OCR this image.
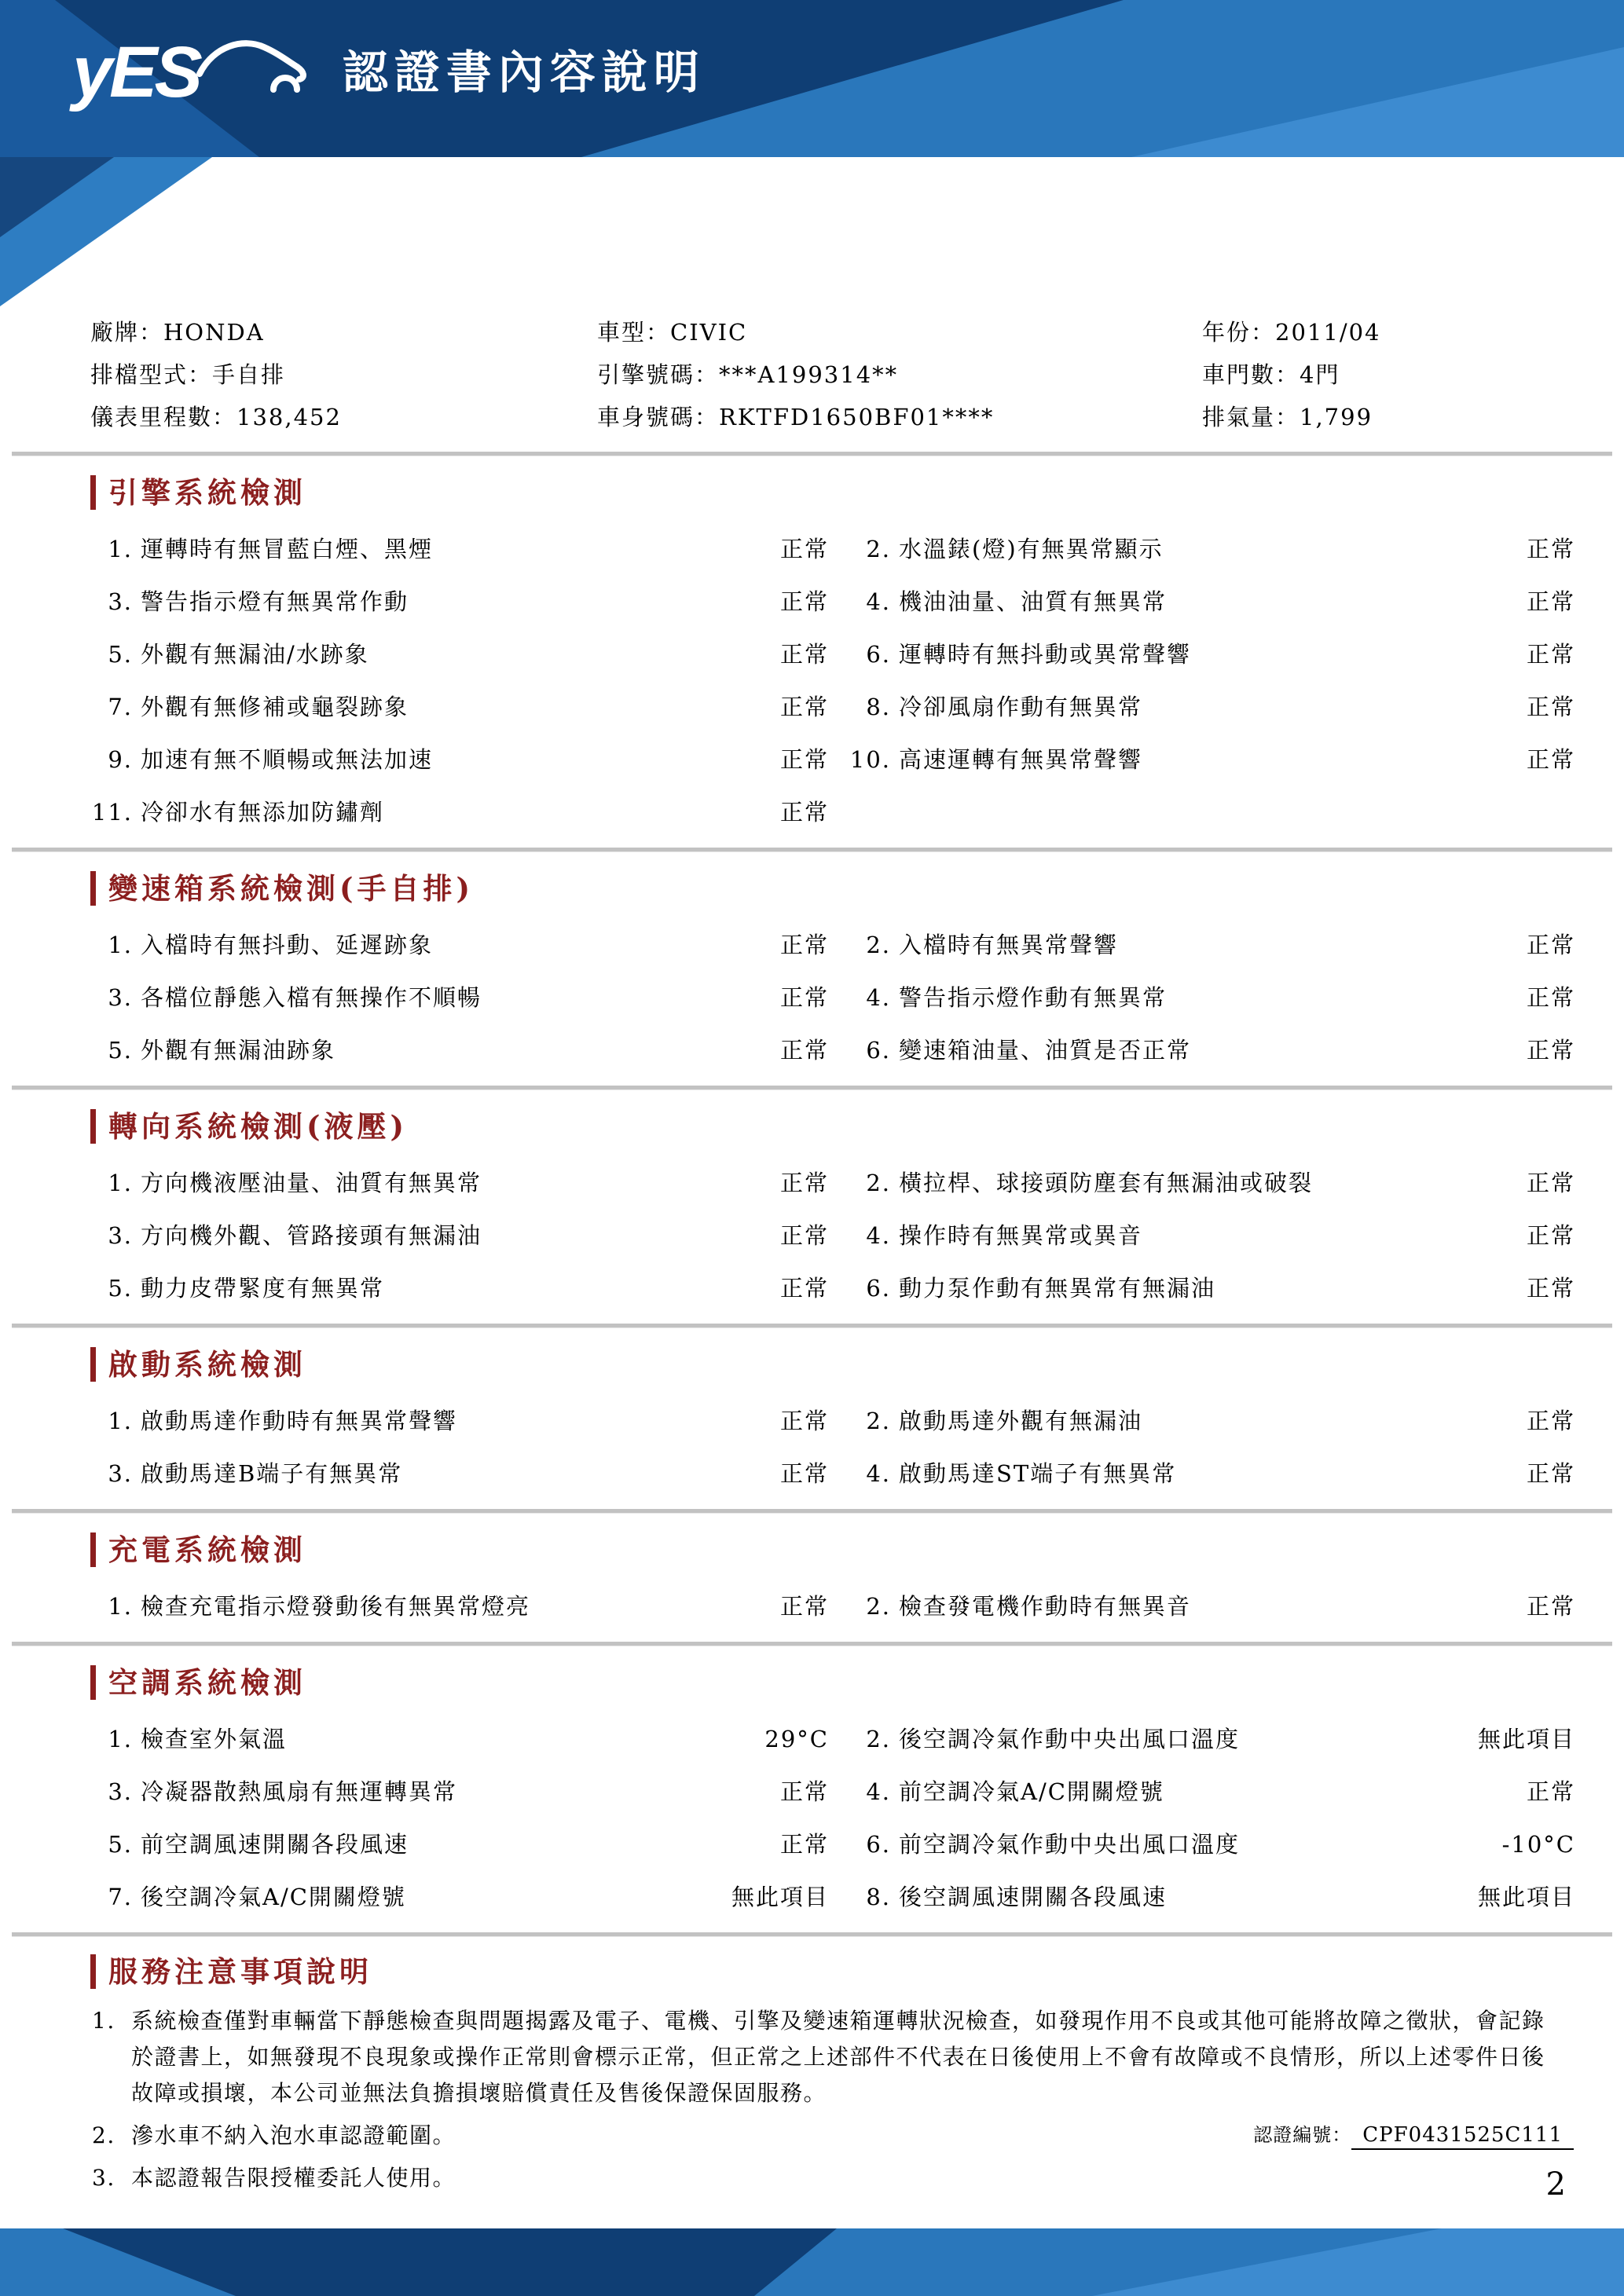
yES	認證書內容說明
廠牌：HONDA	車型：CIVIC	年份：2011/04
排檔型式：手自排	引擎號碼：***A199314**	車門數：4門
儀表里程數：138,452	車身號碼：RKTFD1650BF01****	排氣量：1,799
引擎系統檢測
1. 運轉時有無冒藍白煙、黑煙	正常	2. 水溫錶(燈)有無異常顯示	正常
3. 警告指示燈有無異常作動	正常	4. 機油油量、油質有無異常	正常
5. 外觀有無漏油/水跡象	正常	6. 運轉時有無抖動或異常聲響	正常
7. 外觀有無修補或龜裂跡象	正常	8. 冷卻風扇作動有無異常	正常
9. 加速有無不順暢或無法加速	正常 10. 高速運轉有無異常聲響	正常
11. 冷卻水有無添加防鏽劑	正常
變速箱系統檢測(手自排)
1. 入檔時有無抖動、延遲跡象	正常	2. 入檔時有無異常聲響	正常
3. 各檔位靜態入檔有無操作不順暢	正常	4. 警告指示燈作動有無異常	正常
5. 外觀有無漏油跡象	正常	6. 變速箱油量、油質是否正常	正常
轉向系統檢測(液壓)
1. 方向機液壓油量、油質有無異常	正常	2. 橫拉桿、球接頭防塵套有無漏油或破裂	正常
3. 方向機外觀、管路接頭有無漏油	正常	4. 操作時有無異常或異音	正常
5. 動力皮帶緊度有無異常	正常	6. 動力泵作動有無異常有無漏油	正常
啟動系統檢測
1. 啟動馬達作動時有無異常聲響	正常	2. 啟動馬達外觀有無漏油	正常
3. 啟動馬達B端子有無異常	正常	4. 啟動馬達ST端子有無異常	正常
充電系統檢測
1. 檢查充電指示燈發動後有無異常燈亮	正常	2. 檢查發電機作動時有無異音	正常
空調系統檢測
1. 檢查室外氣溫	29°C	2. 後空調冷氣作動中央出風口溫度	無此項目
3. 冷凝器散熱風扇有無運轉異常	正常	4. 前空調冷氣A/C開關燈號	正常
5. 前空調風速開關各段風速	正常	6. 前空調冷氣作動中央出風口溫度	-10°C
7. 後空調冷氣A/C開關燈號	無此項目	8. 後空調風速開關各段風速	無此項目
服務注意事項說明
1. 系統檢查僅對車輛當下靜態檢查與問題揭露及電子、電機、引擎及變速箱運轉狀況檢查，如發現作用不良或其他可能將故障之徵狀，會記錄於證書上，如無發現不良現象或操作正常則會標示正常，但正常之上述部件不代表在日後使用上不會有故障或不良情形，所以上述零件日後故障或損壞，本公司並無法負擔損壞賠償責任及售後保證保固服務。
2. 滲水車不納入泡水車認證範圍。
3. 本認證報告限授權委託人使用。
認證編號： CPF0431525C111
2
